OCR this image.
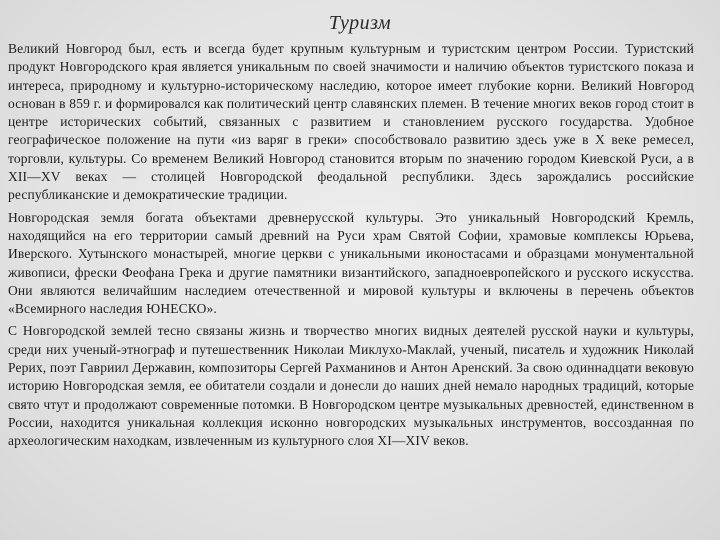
Туризм

Великий Новгород был, есть и всегда будет крупным культурным и туристским центром России. Туристский продукт Новгородского края является уникальным по своей значимости и наличию объектов туристского показа и интереса, природному и культурно-историческому наследию, которое имеет глубокие корни. Великий Новгород основан в 859 г. и формировался как политический центр славянских племен. В течение многих веков город стоит в центре исторических событий, связанных с развитием и становлением русского государства. Удобное географическое положение на пути «из варяг в греки» способствовало развитию здесь уже в X веке ремесел, торговли, культуры. Со временем Великий Новгород становится вторым по значению городом Киевской Руси, а в XII—XV веках — столицей Новгородской феодальной республики. Здесь зарождались российские республиканские и демократические традиции.

Новгородская земля богата объектами древнерусской культуры. Это уникальный Новгородский Кремль, находящийся на его территории самый древний на Руси храм Святой Софии, храмовые комплексы Юрьева, Иверского. Хутынского монастырей, многие церкви с уникальными иконостасами и образцами монументальной живописи, фрески Феофана Грека и другие памятники византийского, западноевропейского и русского искусства. Они являются величайшим наследием отечественной и мировой культуры и включены в перечень объектов «Всемирного наследия ЮНЕСКО».

С Новгородской землей тесно связаны жизнь и творчество многих видных деятелей русской науки и культуры, среди них ученый-этнограф и путешественник Николаи Миклухо-Маклай, ученый, писатель и художник Николай Рерих, поэт Гавриил Державин, композиторы Сергей Рахманинов и Антон Аренский. За свою одиннадцати вековую историю Новгородская земля, ее обитатели создали и донесли до наших дней немало народных традиций, которые свято чтут и продолжают современные потомки. В Новгородском центре музыкальных древностей, единственном в России, находится уникальная коллекция исконно новгородских музыкальных инструментов, воссозданная по археологическим находкам, извлеченным из культурного слоя XI—XIV веков.
